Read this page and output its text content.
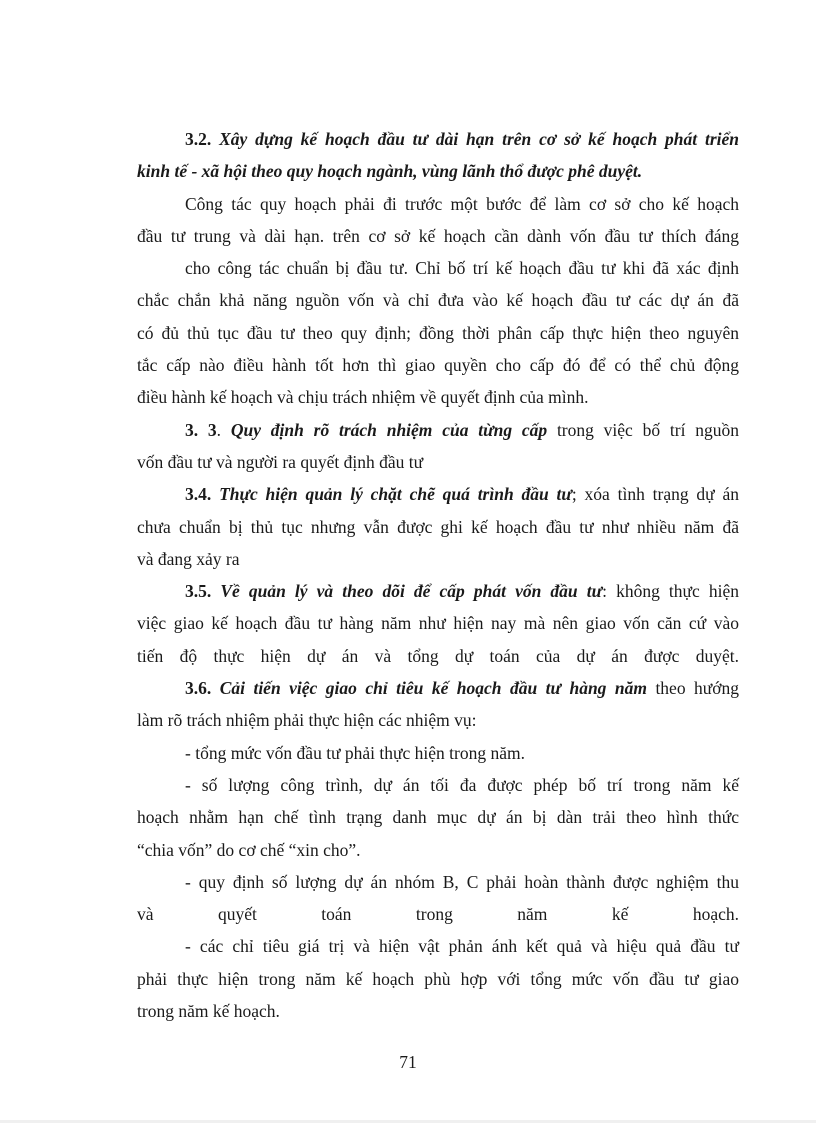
3.2. Xây dựng kế hoạch đầu tư dài hạn trên cơ sở kế hoạch phát triển
kinh tế - xã hội theo quy hoạch ngành, vùng lãnh thổ được phê duyệt.
Công tác quy hoạch phải đi trước một bước để làm cơ sở cho kế hoạch
đầu tư trung và dài hạn. trên cơ sở kế hoạch cần dành vốn đầu tư thích đáng
cho công tác chuẩn bị đầu tư. Chỉ bố trí kế hoạch đầu tư khi đã xác định
chắc chắn khả năng nguồn vốn và chỉ đưa vào kế hoạch đầu tư các dự án đã
có đủ thủ tục đầu tư theo quy định; đồng thời phân cấp thực hiện theo nguyên
tắc cấp nào điều hành tốt hơn thì giao quyền cho cấp đó để có thể chủ động
điều hành kế hoạch và chịu trách nhiệm về quyết định của mình.
3. 3. Quy định rõ trách nhiệm của từng cấp trong việc bố trí nguồn
vốn đầu tư và người ra quyết định đầu tư
3.4. Thực hiện quản lý chặt chẽ quá trình đầu tư; xóa tình trạng dự án
chưa chuẩn bị thủ tục nhưng vẫn được ghi kế hoạch đầu tư như nhiều năm đã
và đang xảy ra
3.5. Về quản lý và theo dõi để cấp phát vốn đầu tư: không thực hiện
việc giao kế hoạch đầu tư hàng năm như hiện nay mà nên giao vốn căn cứ vào
tiến độ thực hiện dự án và tổng dự toán của dự án được duyệt.
3.6. Cải tiến việc giao chỉ tiêu kế hoạch đầu tư hàng năm theo hướng
làm rõ trách nhiệm phải thực hiện các nhiệm vụ:
- tổng mức vốn đầu tư phải thực hiện trong năm.
- số lượng công trình, dự án tối đa được phép bố trí trong năm kế
hoạch nhằm hạn chế tình trạng danh mục dự án bị dàn trải theo hình thức
“chia vốn” do cơ chế “xin cho”.
- quy định số lượng dự án nhóm B, C phải hoàn thành được nghiệm thu
và quyết toán trong năm kế hoạch.
- các chỉ tiêu giá trị và hiện vật phản ánh kết quả và hiệu quả đầu tư
phải thực hiện trong năm kế hoạch phù hợp với tổng mức vốn đầu tư giao
trong năm kế hoạch.
71
